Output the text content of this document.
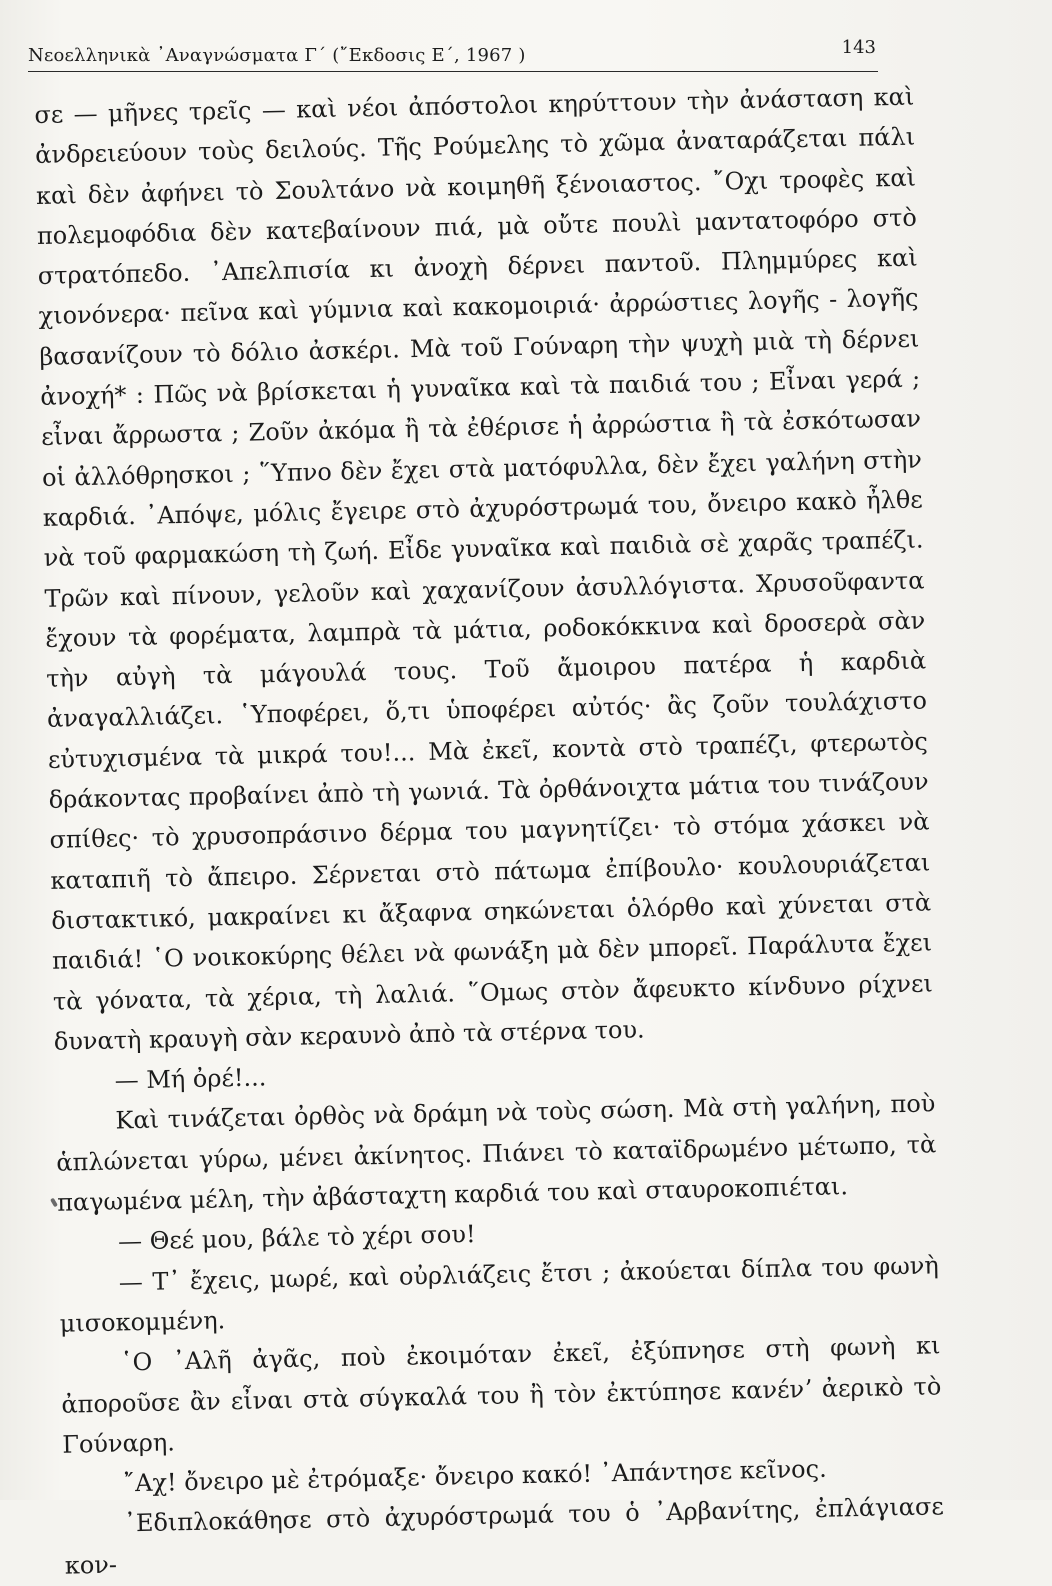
Νεοελληνικὰ ᾿Αναγνώσματα Γ΄ (῎Εκδοσις Ε΄, 1967 )	143

σε — μῆνες τρεῖς — καὶ νέοι ἀπόστολοι κηρύττουν τὴν ἀνάσταση καὶ ἀνδρειεύουν τοὺς δειλούς. Τῆς Ρούμελης τὸ χῶμα ἀναταράζεται πάλι καὶ δὲν ἀφήνει τὸ Σουλτάνο νὰ κοιμηθῆ ξένοιαστος. ῎Οχι τροφὲς καὶ πολεμοφόδια δὲν κατεβαίνουν πιά, μὰ οὔτε πουλὶ μαντατοφόρο στὸ στρατόπεδο. ᾿Απελπισία κι ἀνοχὴ δέρνει παντοῦ. Πλημμύρες καὶ χιονόνερα· πεῖνα καὶ γύμνια καὶ κακομοιριά· ἀρρώστιες λογῆς - λογῆς βασανίζουν τὸ δόλιο ἀσκέρι. Μὰ τοῦ Γούναρη τὴν ψυχὴ μιὰ τὴ δέρνει ἀνοχή* : Πῶς νὰ βρίσκεται ἡ γυναῖκα καὶ τὰ παιδιά του ; Εἶναι γερά ; εἶναι ἄρρωστα ; Ζοῦν ἀκόμα ἢ τὰ ἐθέρισε ἡ ἀρρώστια ἢ τὰ ἐσκότωσαν οἱ ἀλλόθρησκοι ; ῞Υπνο δὲν ἔχει στὰ ματόφυλλα, δὲν ἔχει γαλήνη στὴν καρδιά. ᾿Απόψε, μόλις ἔγειρε στὸ ἀχυρόστρωμά του, ὄνειρο κακὸ ἦλθε νὰ τοῦ φαρμακώση τὴ ζωή. Εἶδε γυναῖκα καὶ παιδιὰ σὲ χαρᾶς τραπέζι. Τρῶν καὶ πίνουν, γελοῦν καὶ χαχανίζουν ἀσυλλόγιστα. Χρυσοῦφαντα ἔχουν τὰ φορέματα, λαμπρὰ τὰ μάτια, ροδοκόκκινα καὶ δροσερὰ σὰν τὴν αὐγὴ τὰ μάγουλά τους. Τοῦ ἄμοιρου πατέρα ἡ καρδιὰ ἀναγαλλιάζει. ῾Υποφέρει, ὅ,τι ὑποφέρει αὐτός· ἂς ζοῦν τουλάχιστο εὐτυχισμένα τὰ μικρά του!... Μὰ ἐκεῖ, κοντὰ στὸ τραπέζι, φτερωτὸς δράκοντας προβαίνει ἀπὸ τὴ γωνιά. Τὰ ὀρθάνοιχτα μάτια του τινάζουν σπίθες· τὸ χρυσοπράσινο δέρμα του μαγνητίζει· τὸ στόμα χάσκει νὰ καταπιῆ τὸ ἄπειρο. Σέρνεται στὸ πάτωμα ἐπίβουλο· κουλουριάζεται διστακτικό, μακραίνει κι ἄξαφνα σηκώνεται ὁλόρθο καὶ χύνεται στὰ παιδιά! ῾Ο νοικοκύρης θέλει νὰ φωνάξη μὰ δὲν μπορεῖ. Παράλυτα ἔχει τὰ γόνατα, τὰ χέρια, τὴ λαλιά. ῞Ομως στὸν ἄφευκτο κίνδυνο ρίχνει δυνατὴ κραυγὴ σὰν κεραυνὸ ἀπὸ τὰ στέρνα του.

— Μή ὀρέ!...

Καὶ τινάζεται ὀρθὸς νὰ δράμη νὰ τοὺς σώση. Μὰ στὴ γαλήνη, ποὺ ἁπλώνεται γύρω, μένει ἀκίνητος. Πιάνει τὸ καταϊδρωμένο μέτωπο, τὰ παγωμένα μέλη, τὴν ἀβάσταχτη καρδιά του καὶ σταυροκοπιέται.

— Θεέ μου, βάλε τὸ χέρι σου!

— Τ᾿ ἔχεις, μωρέ, καὶ οὐρλιάζεις ἔτσι ; ἀκούεται δίπλα του φωνὴ μισοκομμένη.

῾Ο ᾿Αλῆ ἀγᾶς, ποὺ ἐκοιμόταν ἐκεῖ, ἐξύπνησε στὴ φωνὴ κι ἀποροῦσε ἂν εἶναι στὰ σύγκαλά του ἢ τὸν ἐκτύπησε κανένʼ ἀερικὸ τὸ Γούναρη.

῎Αχ! ὄνειρο μὲ ἐτρόμαξε· ὄνειρο κακό! ᾿Απάντησε κεῖνος.

᾿Εδιπλοκάθησε στὸ ἀχυρόστρωμά του ὁ ᾿Αρβανίτης, ἐπλάγιασε κον-
